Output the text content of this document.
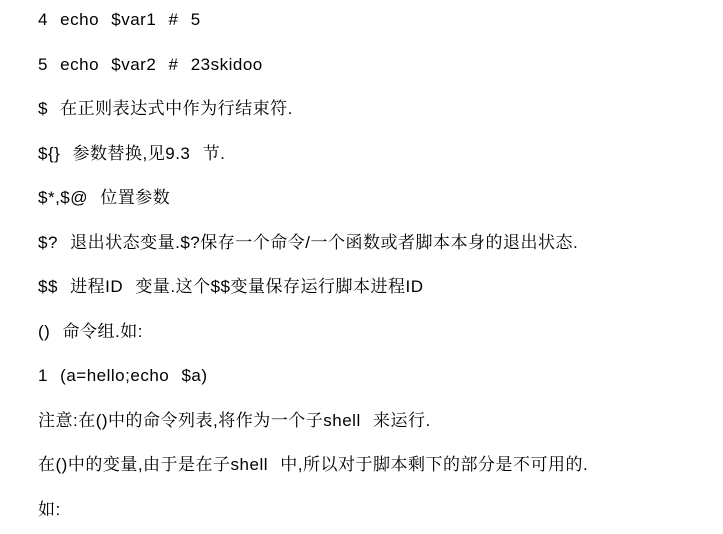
4 echo $var1 # 5

5 echo $var2 # 23skidoo

$ 在正则表达式中作为行结束符.

${} 参数替换,见9.3 节.

$*,$@ 位置参数

$? 退出状态变量.$?保存一个命令/一个函数或者脚本本身的退出状态.

$$ 进程ID 变量.这个$$变量保存运行脚本进程ID

() 命令组.如:

1 (a=hello;echo $a)

注意:在()中的命令列表,将作为一个子shell 来运行.

在()中的变量,由于是在子shell 中,所以对于脚本剩下的部分是不可用的.

如:
